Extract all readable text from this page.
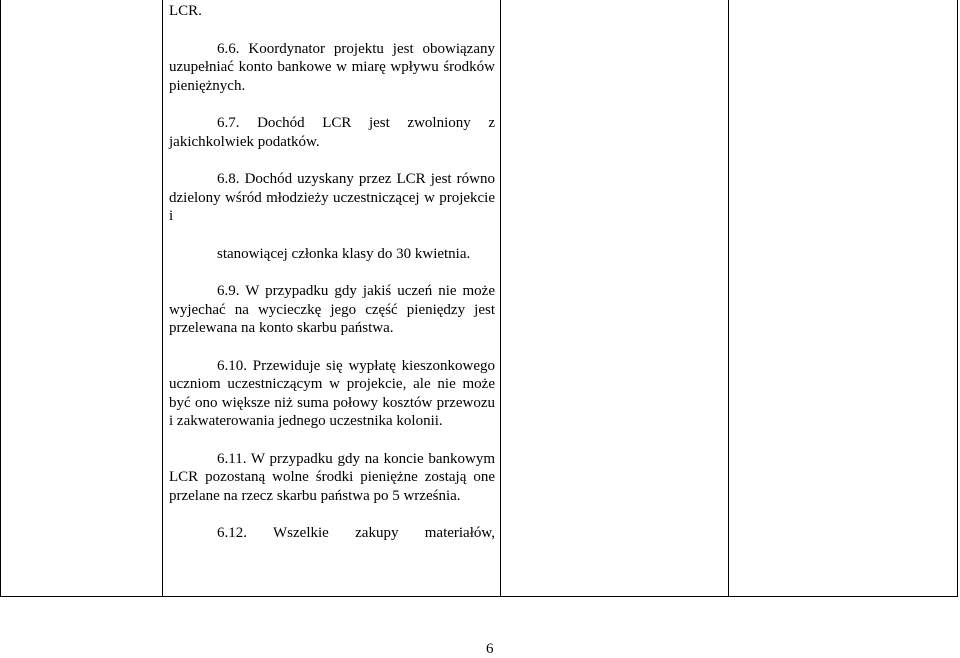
LCR.

6.6. Koordynator projektu jest obowiązany uzupełniać konto bankowe w miarę wpływu środków pieniężnych.

6.7. Dochód LCR jest zwolniony z jakichkolwiek podatków.

6.8. Dochód uzyskany przez LCR jest równo dzielony wśród młodzieży uczestniczącej w projekcie i

stanowiącej członka klasy do 30 kwietnia.

6.9. W przypadku gdy jakiś uczeń nie może wyjechać na wycieczkę jego część pieniędzy jest przelewana na konto skarbu państwa.

6.10. Przewiduje się wypłatę kieszonkowego uczniom uczestniczącym w projekcie, ale nie może być ono większe niż suma połowy kosztów przewozu i zakwaterowania jednego uczestnika kolonii.

6.11. W przypadku gdy na koncie bankowym LCR pozostaną wolne środki pieniężne zostają one przelane na rzecz skarbu państwa po 5 września.

6.12. Wszelkie zakupy materiałów,

6
